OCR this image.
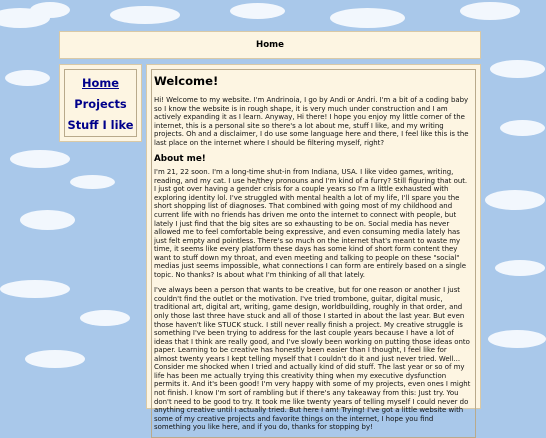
Home
Home
Projects
Stuff I like
Welcome!

Hi! Welcome to my website. I'm Andrinoia, I go by Andi or Andri. I'm a bit of a coding baby so I know the website is in rough shape, it is very much under construction and I am actively expanding it as I learn. Anyway, Hi there! I hope you enjoy my little corner of the internet, this is a personal site so there's a lot about me, stuff I like, and my writing projects. Oh and a disclaimer, I do use some language here and there, I feel like this is the last place on the internet where I should be filtering myself, right?

About me!

I'm 21, 22 soon. I'm a long-time shut-in from Indiana, USA. I like video games, writing, reading, and my cat. I use he/they pronouns and I'm kind of a furry? Still figuring that out. I just got over having a gender crisis for a couple years so I'm a little exhausted with exploring identity lol. I've struggled with mental health a lot of my life, I'll spare you the short shopping list of diagnoses. That combined with going most of my childhood and current life with no friends has driven me onto the internet to connect with people, but lately I just find that the big sites are so exhausting to be on. Social media has never allowed me to feel comfortable being expressive, and even consuming media lately has just felt empty and pointless. There's so much on the internet that's meant to waste my time, it seems like every platform these days has some kind of short form content they want to stuff down my throat, and even meeting and talking to people on these "social" medias just seems impossible, what connections I can form are entirely based on a single topic. No thanks? Is about what I'm thinking of all that lately.

I've always been a person that wants to be creative, but for one reason or another I just couldn't find the outlet or the motivation. I've tried trombone, guitar, digital music, traditional art, digital art, writing, game design, worldbuilding, roughly in that order, and only those last three have stuck and all of those I started in about the last year. But even those haven't like STUCK stuck. I still never really finish a project. My creative struggle is something I've been trying to address for the last couple years because I have a lot of ideas that I think are really good, and I've slowly been working on putting those ideas onto paper. Learning to be creative has honestly been easier than I thought, I feel like for almost twenty years I kept telling myself that I couldn't do it and just never tried. Well... Consider me shocked when I tried and actually kind of did stuff. The last year or so of my life has been me actually trying this creativity thing when my executive dysfunction permits it. And it's been good! I'm very happy with some of my projects, even ones I might not finish. I know I'm sort of rambling but if there's any takeaway from this: Just try. You don't need to be good to try. It took me like twenty years of telling myself I could never do anything creative until I actually tried. But here I am! Trying! I've got a little website with some of my creative projects and favorite things on the internet, I hope you find something you like here, and if you do, thanks for stopping by!
